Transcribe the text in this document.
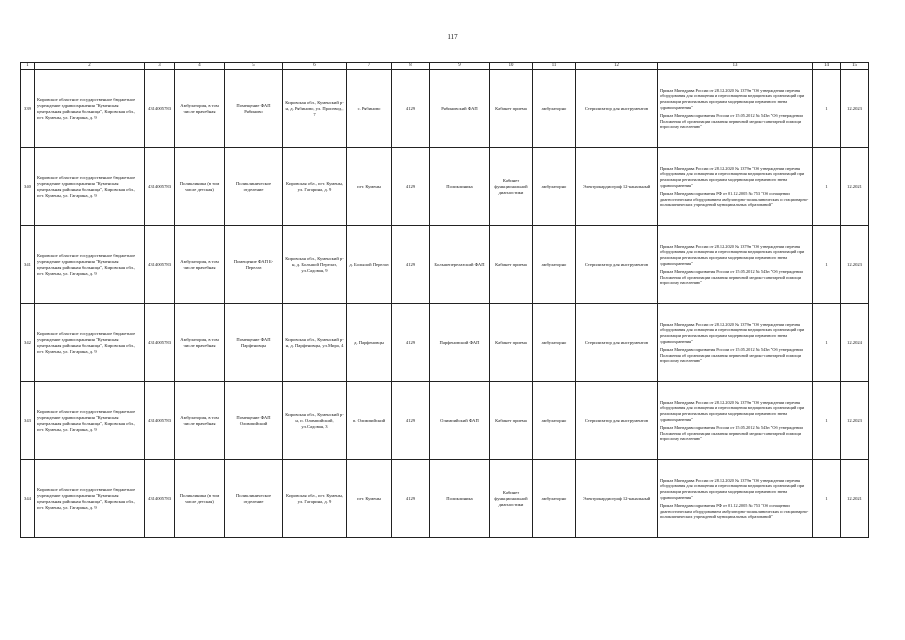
117
1	2	3	4	5	6	7	8	9	10	11	12	13	14	15
339	Кировское областное государственное бюджетное учреждение здравоохранения "Куменская центральная районная больница", Кировская обл., пгт. Кумены, ул. Гагарина, д. 9	4314005783	Амбулатория, в том числе врачебная	Помещение ФАП Рябиново	Кировская обл., Куменский р-н, д. Рябиново, ул. Производ., 7	с. Рябиново	4129	Рябиновский ФАП	Кабинет приема	амбулаторно	Стерилизатор для инструментов	Приказ Минздрава России от 28.12.2020 № 1379н "Об утверждении перечня оборудования для оснащения и переоснащения медицинских организаций при реализации региональных программ модернизации первичного звена здравоохранения"

Приказ Минздравсоцразвития России от 15.05.2012 № 543н "Об утверждении Положения об организации оказания первичной медико-санитарной помощи взрослому населению"	1	12.2023
340	Кировское областное государственное бюджетное учреждение здравоохранения "Куменская центральная районная больница", Кировская обл., пгт. Кумены, ул. Гагарина, д. 9	4314005783	Поликлиника (в том числе детская)	Поликлиническое отделение	Кировская обл., пгт. Кумены, ул. Гагарина, д. 9	пгт. Кумены	4129	Поликлиника	Кабинет функциональной диагностики	амбулаторно	Электрокардиограф 12-канальный	Приказ Минздрава России от 28.12.2020 № 1379н "Об утверждении перечня оборудования для оснащения и переоснащения медицинских организаций при реализации региональных программ модернизации первичного звена здравоохранения"

Приказ Минздравсоцразвития РФ от 01.12.2005 № 753 "Об оснащении диагностическим оборудованием амбулаторно-поликлинических и стационарно-поликлинических учреждений муниципальных образований"	1	12.2021
341	Кировское областное государственное бюджетное учреждение здравоохранения "Куменская центральная районная больница", Кировская обл., пгт. Кумены, ул. Гагарина, д. 9	4314005783	Амбулатория, в том числе врачебная	Помещение ФАП Б-Перелаз	Кировская обл., Куменский р-н, д. Большой Перелаз, ул.Садовая, 9	д. Большой Перелаз	4129	Большеперелазский ФАП	Кабинет приема	амбулаторно	Стерилизатор для инструментов	Приказ Минздрава России от 28.12.2020 № 1379н "Об утверждении перечня оборудования для оснащения и переоснащения медицинских организаций при реализации региональных программ модернизации первичного звена здравоохранения"

Приказ Минздравсоцразвития России от 15.05.2012 № 543н "Об утверждении Положения об организации оказания первичной медико-санитарной помощи взрослому населению"	1	12.2023
342	Кировское областное государственное бюджетное учреждение здравоохранения "Куменская центральная районная больница", Кировская обл., пгт. Кумены, ул. Гагарина, д. 9	4314005783	Амбулатория, в том числе врачебная	Помещение ФАП Парфеновцы	Кировская обл., Куменский р-н, д. Парфеновцы, ул.Мира, 4	д. Парфеновцы	4129	Парфеновский ФАП	Кабинет приема	амбулаторно	Стерилизатор для инструментов	Приказ Минздрава России от 28.12.2020 № 1379н "Об утверждении перечня оборудования для оснащения и переоснащения медицинских организаций при реализации региональных программ модернизации первичного звена здравоохранения"

Приказ Минздравсоцразвития России от 15.05.2012 № 543н "Об утверждении Положения об организации оказания первичной медико-санитарной помощи взрослому населению"	1	12.2024
343	Кировское областное государственное бюджетное учреждение здравоохранения "Куменская центральная районная больница", Кировская обл., пгт. Кумены, ул. Гагарина, д. 9	4314005783	Амбулатория, в том числе врачебная	Помещение ФАП Олимпийский	Кировская обл., Куменский р-н, п. Олимпийский, ул.Садовая, 3	п. Олимпийский	4129	Олимпийский ФАП	Кабинет приема	амбулаторно	Стерилизатор для инструментов	Приказ Минздрава России от 28.12.2020 № 1379н "Об утверждении перечня оборудования для оснащения и переоснащения медицинских организаций при реализации региональных программ модернизации первичного звена здравоохранения"

Приказ Минздравсоцразвития России от 15.05.2012 № 543н "Об утверждении Положения об организации оказания первичной медико-санитарной помощи взрослому населению"	1	12.2023
344	Кировское областное государственное бюджетное учреждение здравоохранения "Куменская центральная районная больница", Кировская обл., пгт. Кумены, ул. Гагарина, д. 9	4314005783	Поликлиника (в том числе детская)	Поликлиническое отделение	Кировская обл., пгт. Кумены, ул. Гагарина, д. 9	пгт. Кумены	4129	Поликлиника	Кабинет функциональной диагностики	амбулаторно	Электрокардиограф 12-канальный	Приказ Минздрава России от 28.12.2020 № 1379н "Об утверждении перечня оборудования для оснащения и переоснащения медицинских организаций при реализации региональных программ модернизации первичного звена здравоохранения"

Приказ Минздравсоцразвития РФ от 01.12.2005 № 753 "Об оснащении диагностическим оборудованием амбулаторно-поликлинических и стационарно-поликлинических учреждений муниципальных образований"	1	12.2021
